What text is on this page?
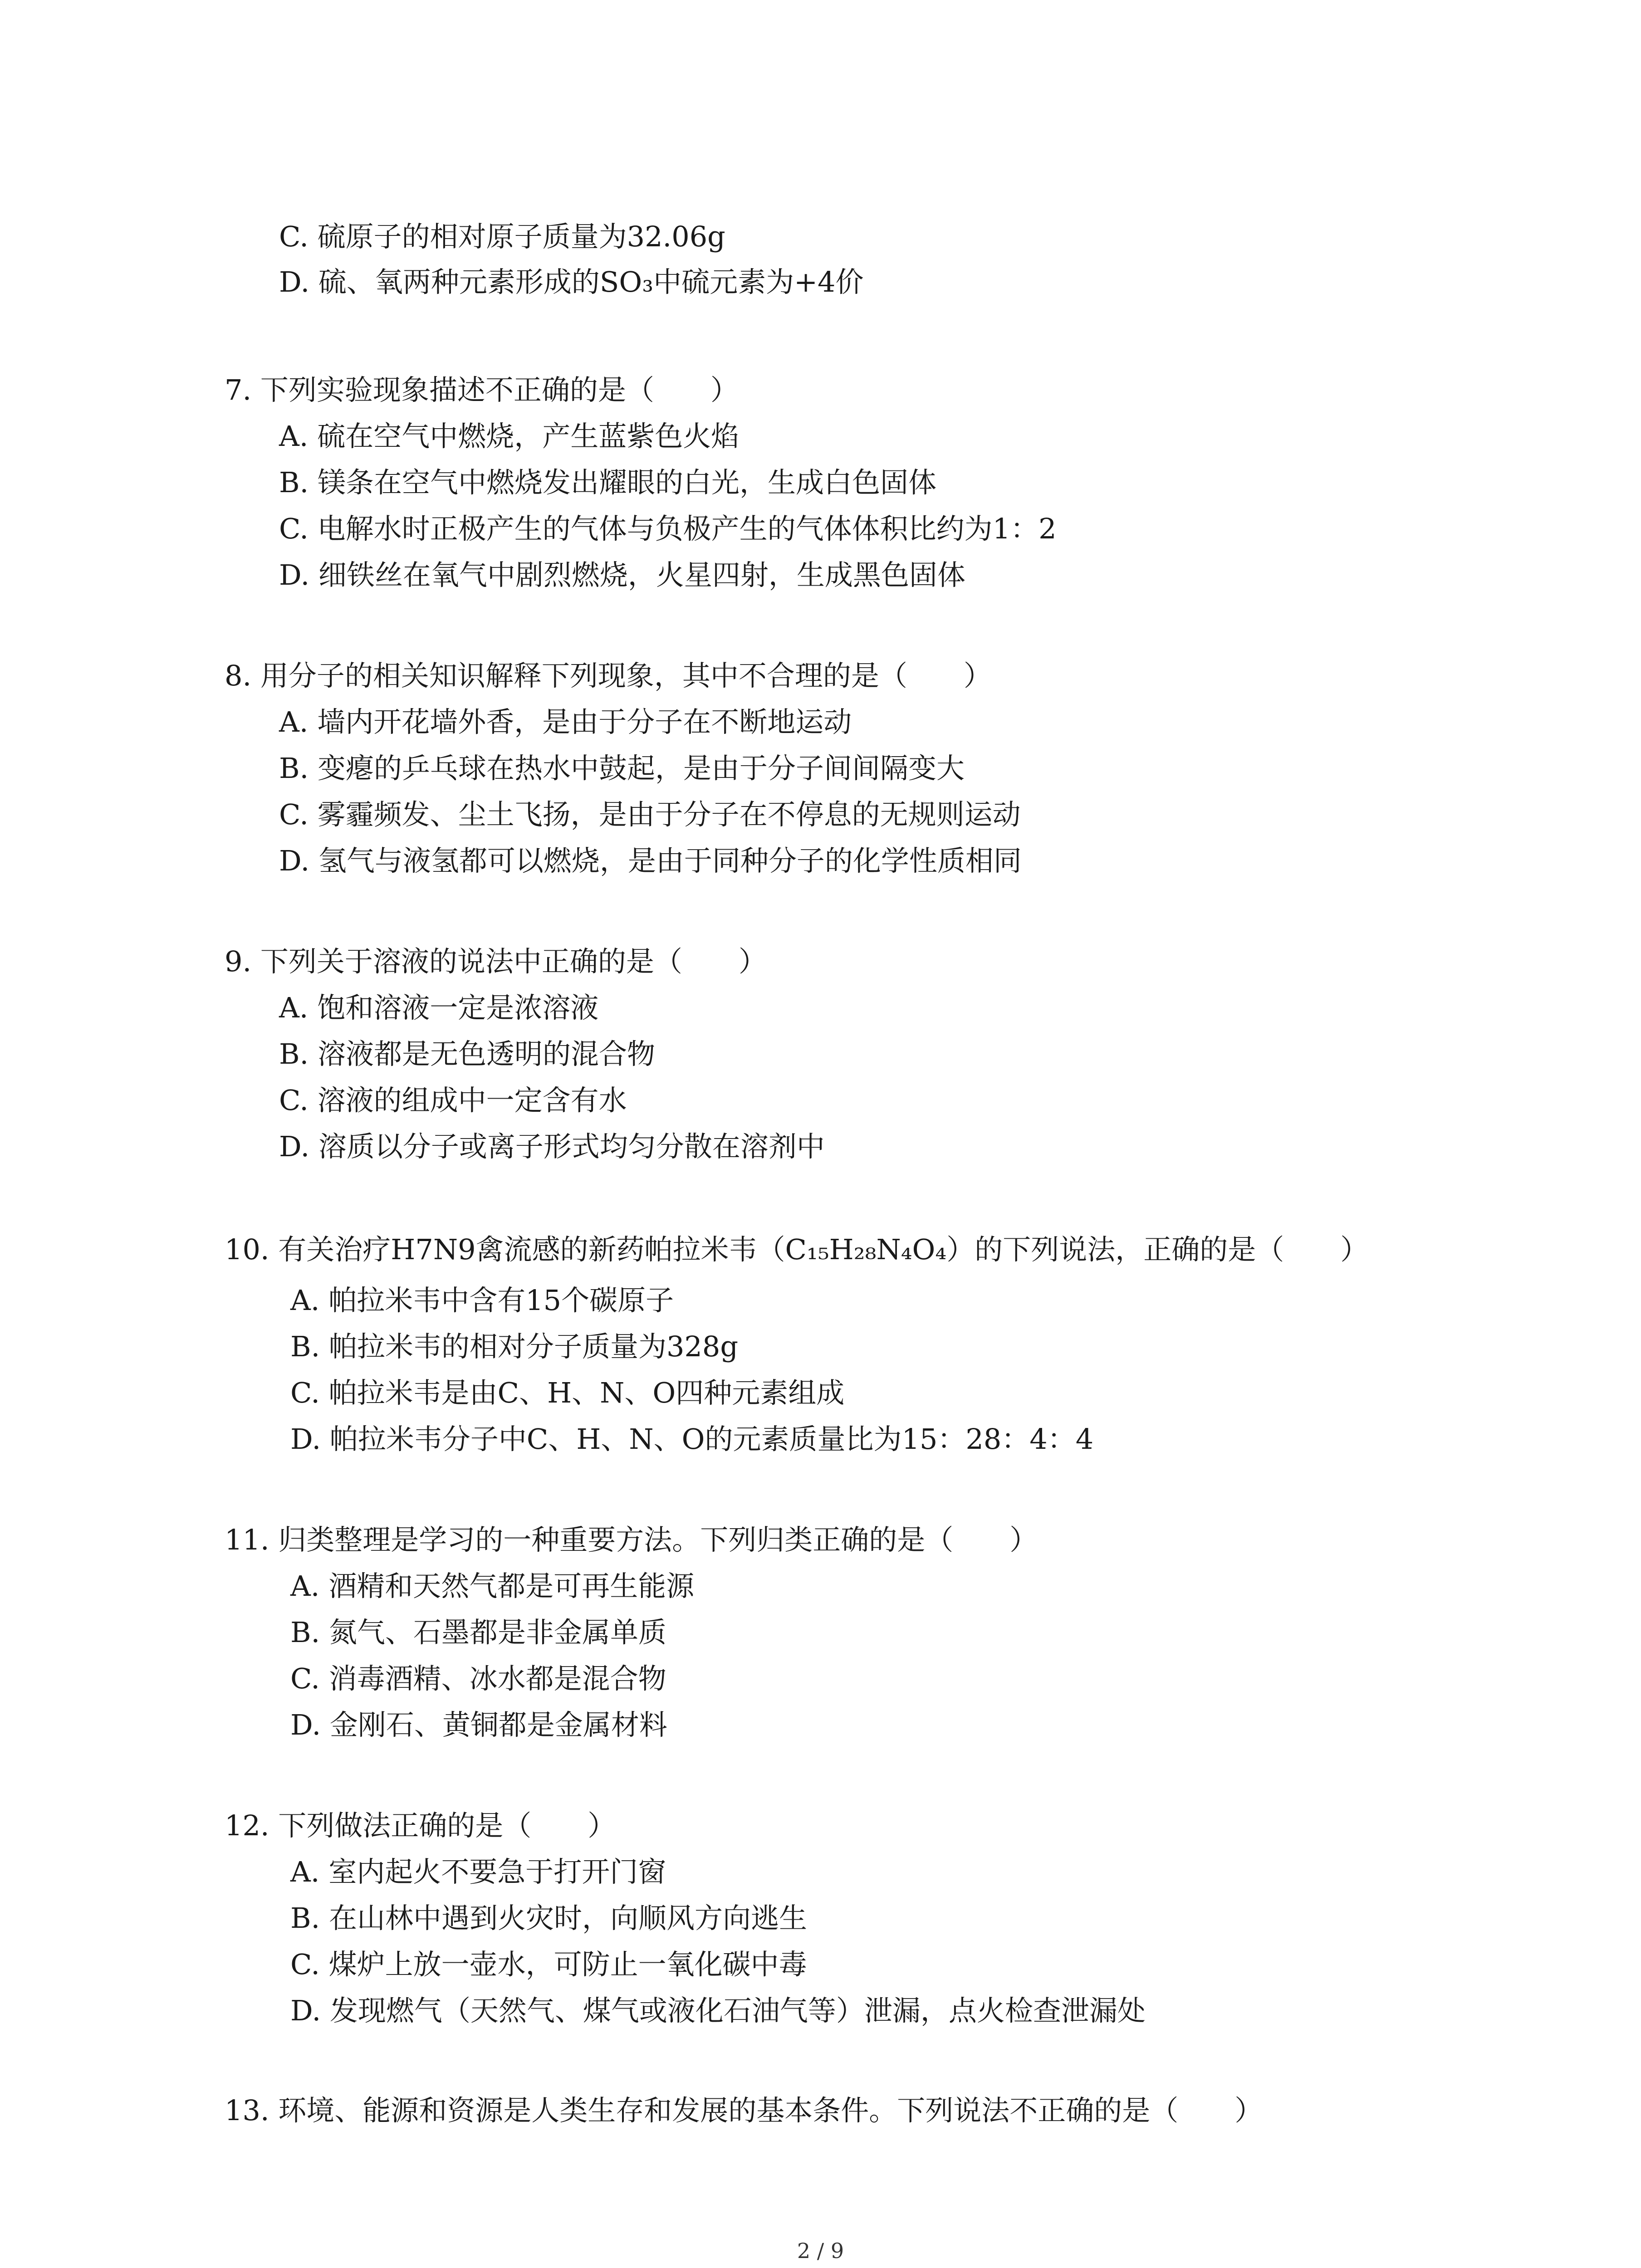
C. 硫原子的相对原子质量为32.06g
D. 硫、氧两种元素形成的SO₃中硫元素为+4价
7. 下列实验现象描述不正确的是（　　）
A. 硫在空气中燃烧，产生蓝紫色火焰
B. 镁条在空气中燃烧发出耀眼的白光，生成白色固体
C. 电解水时正极产生的气体与负极产生的气体体积比约为1：2
D. 细铁丝在氧气中剧烈燃烧，火星四射，生成黑色固体
8. 用分子的相关知识解释下列现象，其中不合理的是（　　）
A. 墙内开花墙外香，是由于分子在不断地运动
B. 变瘪的乒乓球在热水中鼓起，是由于分子间间隔变大
C. 雾霾频发、尘土飞扬，是由于分子在不停息的无规则运动
D. 氢气与液氢都可以燃烧，是由于同种分子的化学性质相同
9. 下列关于溶液的说法中正确的是（　　）
A. 饱和溶液一定是浓溶液
B. 溶液都是无色透明的混合物
C. 溶液的组成中一定含有水
D. 溶质以分子或离子形式均匀分散在溶剂中
10. 有关治疗H7N9禽流感的新药帕拉米韦（C₁₅H₂₈N₄O₄）的下列说法，正确的是（　　）
A. 帕拉米韦中含有15个碳原子
B. 帕拉米韦的相对分子质量为328g
C. 帕拉米韦是由C、H、N、O四种元素组成
D. 帕拉米韦分子中C、H、N、O的元素质量比为15：28：4：4
11. 归类整理是学习的一种重要方法。下列归类正确的是（　　）
A. 酒精和天然气都是可再生能源
B. 氮气、石墨都是非金属单质
C. 消毒酒精、冰水都是混合物
D. 金刚石、黄铜都是金属材料
12. 下列做法正确的是（　　）
A. 室内起火不要急于打开门窗
B. 在山林中遇到火灾时，向顺风方向逃生
C. 煤炉上放一壶水，可防止一氧化碳中毒
D. 发现燃气（天然气、煤气或液化石油气等）泄漏，点火检查泄漏处
13. 环境、能源和资源是人类生存和发展的基本条件。下列说法不正确的是（　　）
2 / 9
